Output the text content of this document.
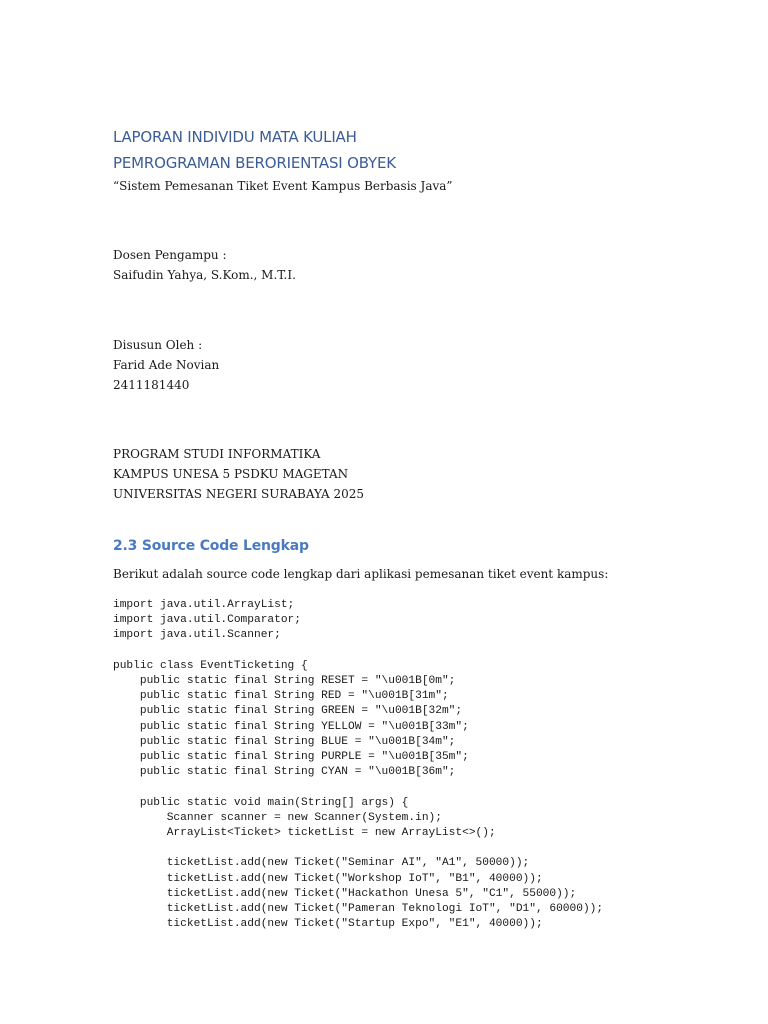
LAPORAN INDIVIDU MATA KULIAH

PEMROGRAMAN BERORIENTASI OBYEK

“Sistem Pemesanan Tiket Event Kampus Berbasis Java”

Dosen Pengampu :

Saifudin Yahya, S.Kom., M.T.I.

Disusun Oleh :

Farid Ade Novian

2411181440

PROGRAM STUDI INFORMATIKA

KAMPUS UNESA 5 PSDKU MAGETAN

UNIVERSITAS NEGERI SURABAYA 2025

2.3 Source Code Lengkap

Berikut adalah source code lengkap dari aplikasi pemesanan tiket event kampus:

import java.util.ArrayList;
import java.util.Comparator;
import java.util.Scanner;

public class EventTicketing {
public static final String RESET = "\u001B[0m";
public static final String RED = "\u001B[31m";
public static final String GREEN = "\u001B[32m";
public static final String YELLOW = "\u001B[33m";
public static final String BLUE = "\u001B[34m";
public static final String PURPLE = "\u001B[35m";
public static final String CYAN = "\u001B[36m";

public static void main(String[] args) {
Scanner scanner = new Scanner(System.in);
ArrayList<Ticket> ticketList = new ArrayList<>();

ticketList.add(new Ticket("Seminar AI", "A1", 50000));
ticketList.add(new Ticket("Workshop IoT", "B1", 40000));
ticketList.add(new Ticket("Hackathon Unesa 5", "C1", 55000));
ticketList.add(new Ticket("Pameran Teknologi IoT", "D1", 60000));
ticketList.add(new Ticket("Startup Expo", "E1", 40000));
